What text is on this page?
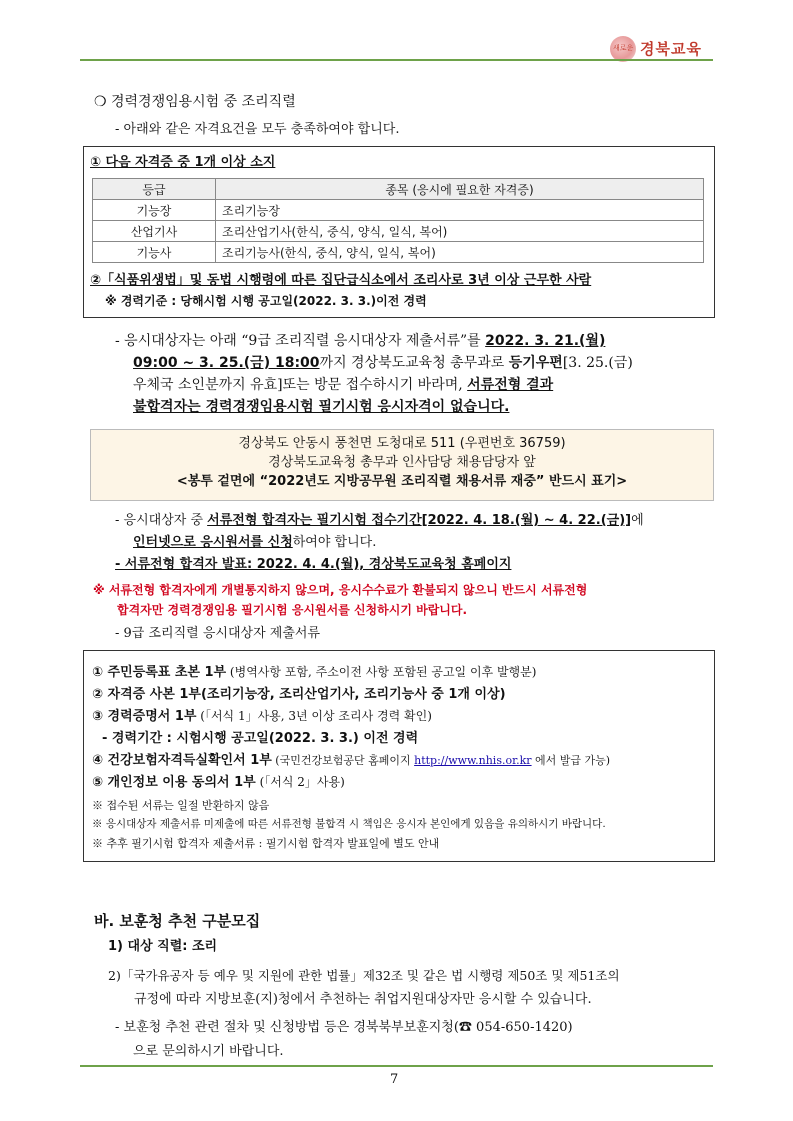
새로운 경북교육
❍ 경력경쟁임용시험 중 조리직렬
- 아래와 같은 자격요건을 모두 충족하여야 합니다.
① 다음 자격증 중 1개 이상 소지
등급	종목 (응시에 필요한 자격증)
기능장	조리기능장
산업기사	조리산업기사(한식, 중식, 양식, 일식, 복어)
기능사	조리기능사(한식, 중식, 양식, 일식, 복어)
②「식품위생법」및 동법 시행령에 따른 집단급식소에서 조리사로 3년 이상 근무한 사람
※ 경력기준 : 당해시험 시행 공고일(2022. 3. 3.)이전 경력
- 응시대상자는 아래 “9급 조리직렬 응시대상자 제출서류”를 2022. 3. 21.(월)
09:00 ~ 3. 25.(금) 18:00까지 경상북도교육청 총무과로 등기우편[3. 25.(금)
우체국 소인분까지 유효]또는 방문 접수하시기 바라며, 서류전형 결과
불합격자는 경력경쟁임용시험 필기시험 응시자격이 없습니다.
경상북도 안동시 풍천면 도청대로 511 (우편번호 36759)
경상북도교육청 총무과 인사담당 채용담당자 앞
<봉투 겉면에 “2022년도 지방공무원 조리직렬 채용서류 재중” 반드시 표기>
- 응시대상자 중 서류전형 합격자는 필기시험 접수기간[2022. 4. 18.(월) ~ 4. 22.(금)]에
인터넷으로 응시원서를 신청하여야 합니다.
- 서류전형 합격자 발표: 2022. 4. 4.(월), 경상북도교육청 홈페이지
※ 서류전형 합격자에게 개별통지하지 않으며, 응시수수료가 환불되지 않으니 반드시 서류전형
합격자만 경력경쟁임용 필기시험 응시원서를 신청하시기 바랍니다.
- 9급 조리직렬 응시대상자 제출서류
① 주민등록표 초본 1부 (병역사항 포함, 주소이전 사항 포함된 공고일 이후 발행분)
② 자격증 사본 1부(조리기능장, 조리산업기사, 조리기능사 중 1개 이상)
③ 경력증명서 1부 (「서식 1」사용, 3년 이상 조리사 경력 확인)
- 경력기간 : 시험시행 공고일(2022. 3. 3.) 이전 경력
④ 건강보험자격득실확인서 1부 (국민건강보험공단 홈페이지 http://www.nhis.or.kr 에서 발급 가능)
⑤ 개인정보 이용 동의서 1부 (「서식 2」사용)
※ 접수된 서류는 일절 반환하지 않음
※ 응시대상자 제출서류 미제출에 따른 서류전형 불합격 시 책임은 응시자 본인에게 있음을 유의하시기 바랍니다.
※ 추후 필기시험 합격자 제출서류 : 필기시험 합격자 발표일에 별도 안내
바. 보훈청 추천 구분모집
1) 대상 직렬: 조리
2)「국가유공자 등 예우 및 지원에 관한 법률」제32조 및 같은 법 시행령 제50조 및 제51조의
규정에 따라 지방보훈(지)청에서 추천하는 취업지원대상자만 응시할 수 있습니다.
- 보훈청 추천 관련 절차 및 신청방법 등은 경북북부보훈지청(☎ 054-650-1420)
으로 문의하시기 바랍니다.
7
